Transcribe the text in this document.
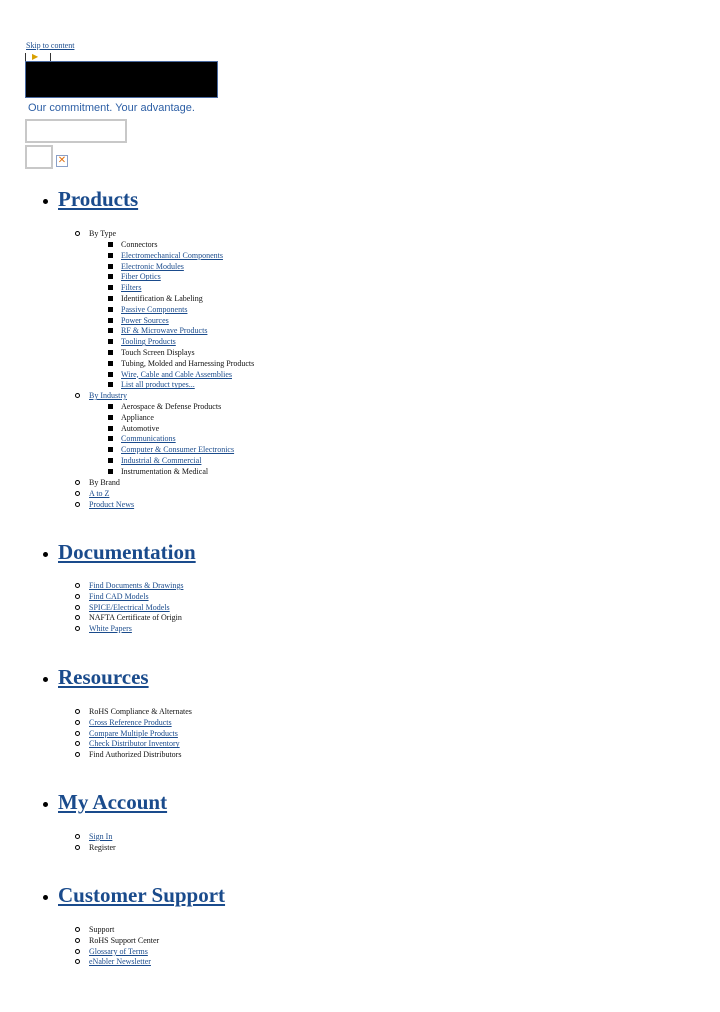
Skip to content
▶
Our commitment. Your advantage.
✕
Products
By Type
Connectors
Electromechanical Components
Electronic Modules
Fiber Optics
Filters
Identification & Labeling
Passive Components
Power Sources
RF & Microwave Products
Tooling Products
Touch Screen Displays
Tubing, Molded and Harnessing Products
Wire, Cable and Cable Assemblies
List all product types...
By Industry
Aerospace & Defense Products
Appliance
Automotive
Communications
Computer & Consumer Electronics
Industrial & Commercial
Instrumentation & Medical
By Brand
A to Z
Product News
Documentation
Find Documents & Drawings
Find CAD Models
SPICE/Electrical Models
NAFTA Certificate of Origin
White Papers
Resources
RoHS Compliance & Alternates
Cross Reference Products
Compare Multiple Products
Check Distributor Inventory
Find Authorized Distributors
My Account
Sign In
Register
Customer Support
Support
RoHS Support Center
Glossary of Terms
eNabler Newsletter
